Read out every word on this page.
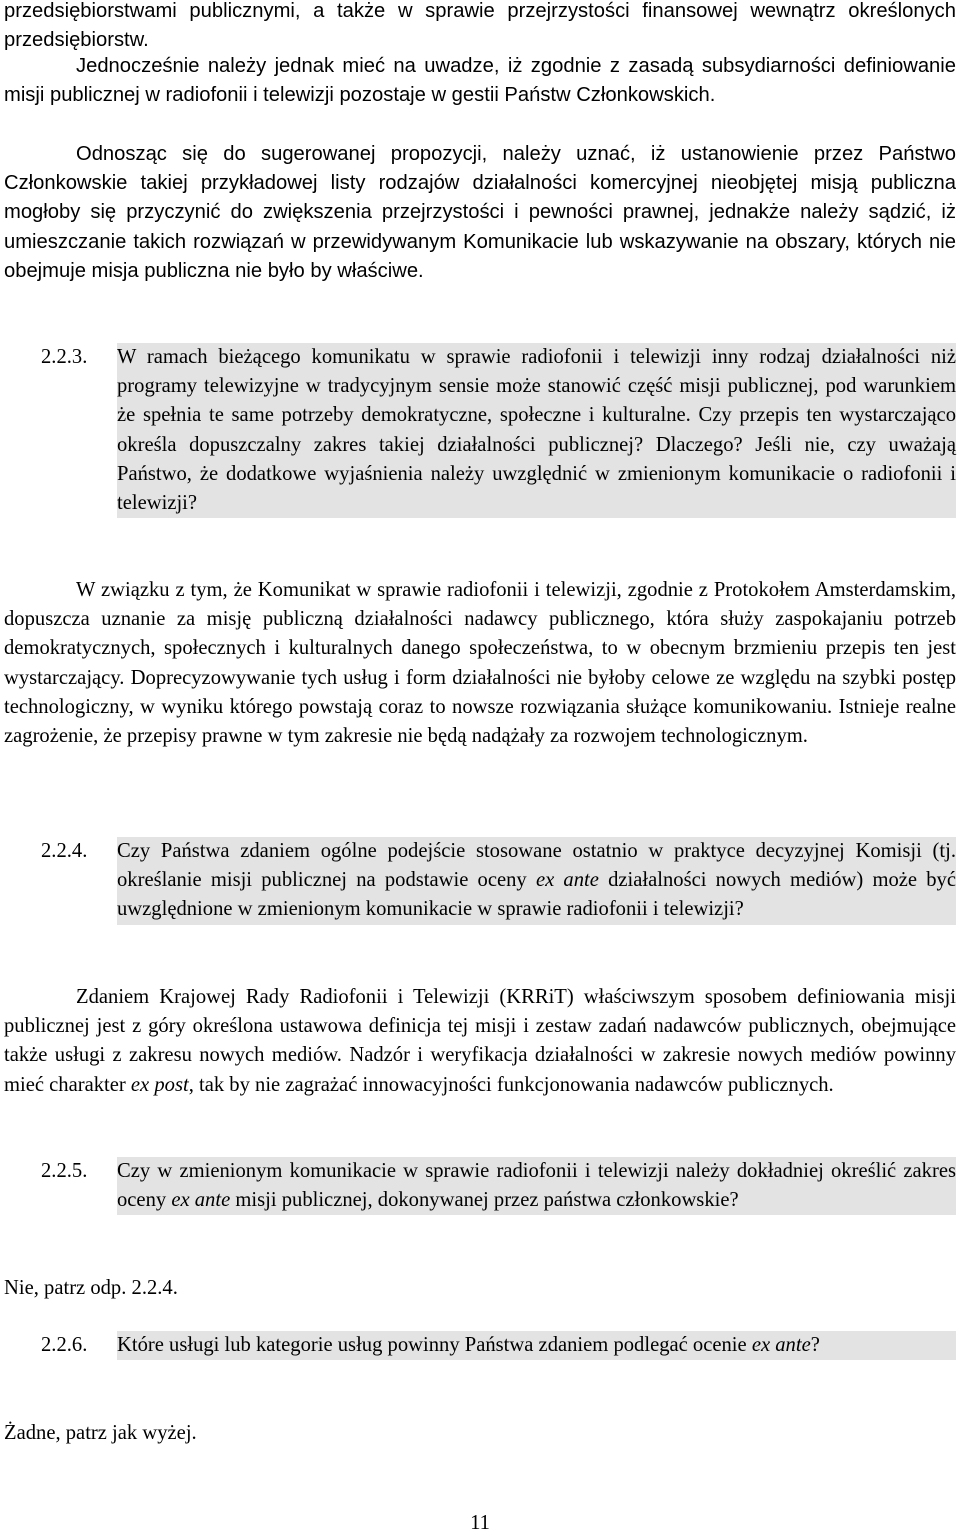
przedsiębiorstwami publicznymi, a także w sprawie przejrzystości finansowej wewnątrz określonych przedsiębiorstw.

Jednocześnie należy jednak mieć na uwadze, iż zgodnie z zasadą subsydiarności definiowanie misji publicznej w radiofonii i telewizji pozostaje w gestii Państw Członkowskich.

Odnosząc się do sugerowanej propozycji, należy uznać, iż ustanowienie przez Państwo Członkowskie takiej przykładowej listy rodzajów działalności komercyjnej nieobjętej misją publiczna mogłoby się przyczynić do zwiększenia przejrzystości i pewności prawnej, jednakże należy sądzić, iż umieszczanie takich rozwiązań w przewidywanym Komunikacie lub wskazywanie na obszary, których nie obejmuje misja publiczna nie było by właściwe.

2.2.3.	W ramach bieżącego komunikatu w sprawie radiofonii i telewizji inny rodzaj działalności niż programy telewizyjne w tradycyjnym sensie może stanowić część misji publicznej, pod warunkiem że spełnia te same potrzeby demokratyczne, społeczne i kulturalne. Czy przepis ten wystarczająco określa dopuszczalny zakres takiej działalności publicznej? Dlaczego? Jeśli nie, czy uważają Państwo, że dodatkowe wyjaśnienia należy uwzględnić w zmienionym komunikacie o radiofonii i telewizji?

W związku z tym, że Komunikat w sprawie radiofonii i telewizji, zgodnie z Protokołem Amsterdamskim, dopuszcza uznanie za misję publiczną działalności nadawcy publicznego, która służy zaspokajaniu potrzeb demokratycznych, społecznych i kulturalnych danego społeczeństwa, to w obecnym brzmieniu przepis ten jest wystarczający. Doprecyzowywanie tych usług i form działalności nie byłoby celowe ze względu na szybki postęp technologiczny, w wyniku którego powstają coraz to nowsze rozwiązania służące komunikowaniu. Istnieje realne zagrożenie, że przepisy prawne w tym zakresie nie będą nadążały za rozwojem technologicznym.

2.2.4.	Czy Państwa zdaniem ogólne podejście stosowane ostatnio w praktyce decyzyjnej Komisji (tj. określanie misji publicznej na podstawie oceny ex ante działalności nowych mediów) może być uwzględnione w zmienionym komunikacie w sprawie radiofonii i telewizji?

Zdaniem Krajowej Rady Radiofonii i Telewizji (KRRiT) właściwszym sposobem definiowania misji publicznej jest z góry określona ustawowa definicja tej misji i zestaw zadań nadawców publicznych, obejmujące także usługi z zakresu nowych mediów. Nadzór i weryfikacja działalności w zakresie nowych mediów powinny mieć charakter ex post, tak by nie zagrażać innowacyjności funkcjonowania nadawców publicznych.

2.2.5.	Czy w zmienionym komunikacie w sprawie radiofonii i telewizji należy dokładniej określić zakres oceny ex ante misji publicznej, dokonywanej przez państwa członkowskie?

Nie, patrz odp. 2.2.4.

2.2.6.	Które usługi lub kategorie usług powinny Państwa zdaniem podlegać ocenie ex ante?

Żadne, patrz jak wyżej.

11
